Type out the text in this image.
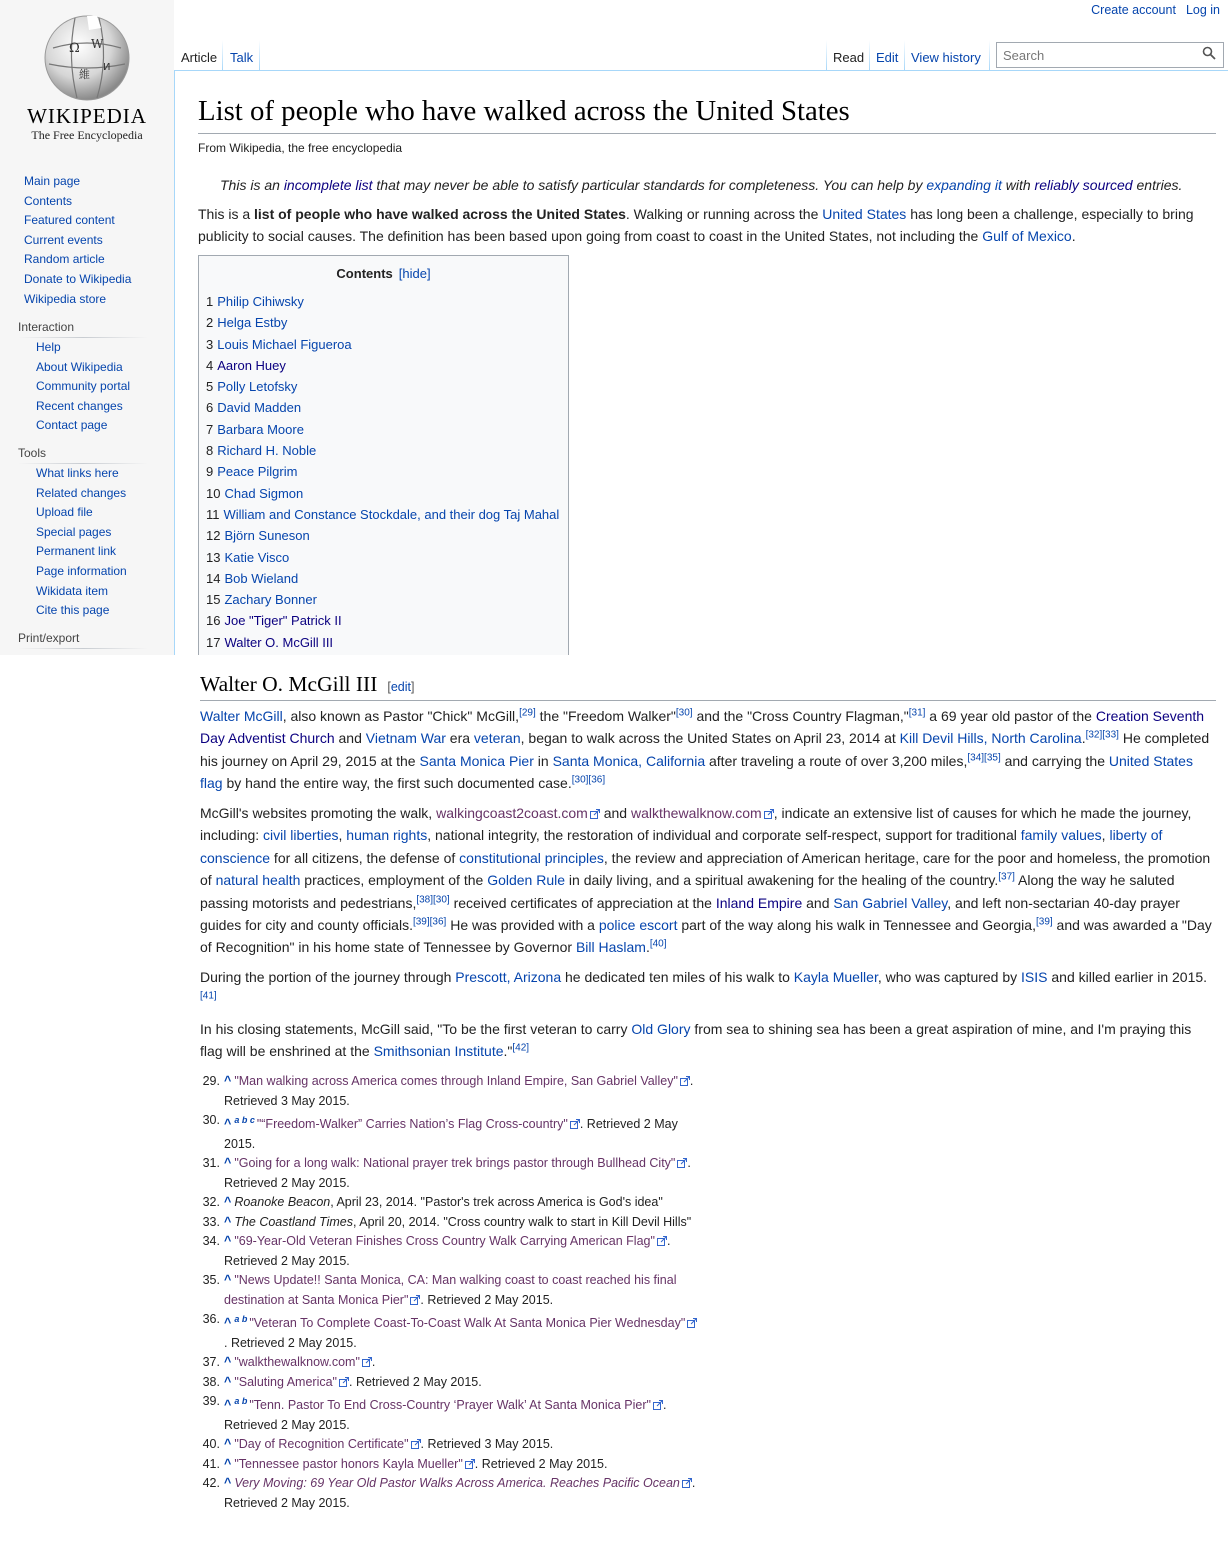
Ω W
維
И
WIKIPEDIA
The Free Encyclopedia
Main page
Contents
Featured content
Current events
Random article
Donate to Wikipedia
Wikipedia store
Interaction
Help
About Wikipedia
Community portal
Recent changes
Contact page
Tools
What links here
Related changes
Upload file
Special pages
Permanent link
Page information
Wikidata item
Cite this page
Print/export
Create account Log in
Article Talk	Read Edit View history	Search
List of people who have walked across the United States
From Wikipedia, the free encyclopedia
This is an incomplete list that may never be able to satisfy particular standards for completeness. You can help by expanding it with reliably sourced entries.
This is a list of people who have walked across the United States. Walking or running across the United States has long been a challenge, especially to bring publicity to social causes. The definition has been based upon going from coast to coast in the United States, not including the Gulf of Mexico.
Contents [hide]
1 Philip Cihiwsky
2 Helga Estby
3 Louis Michael Figueroa
4 Aaron Huey
5 Polly Letofsky
6 David Madden
7 Barbara Moore
8 Richard H. Noble
9 Peace Pilgrim
10 Chad Sigmon
11 William and Constance Stockdale, and their dog Taj Mahal
12 Björn Suneson
13 Katie Visco
14 Bob Wieland
15 Zachary Bonner
16 Joe "Tiger" Patrick II
17 Walter O. McGill III
Walter O. McGill III [edit]
Walter McGill, also known as Pastor "Chick" McGill,[29] the "Freedom Walker"[30] and the "Cross Country Flagman,"[31] a 69 year old pastor of the Creation Seventh Day Adventist Church and Vietnam War era veteran, began to walk across the United States on April 23, 2014 at Kill Devil Hills, North Carolina.[32][33] He completed his journey on April 29, 2015 at the Santa Monica Pier in Santa Monica, California after traveling a route of over 3,200 miles,[34][35] and carrying the United States flag by hand the entire way, the first such documented case.[30][36]
McGill's websites promoting the walk, walkingcoast2coast.com and walkthewalknow.com , indicate an extensive list of causes for which he made the journey, including: civil liberties, human rights, national integrity, the restoration of individual and corporate self-respect, support for traditional family values, liberty of conscience for all citizens, the defense of constitutional principles, the review and appreciation of American heritage, care for the poor and homeless, the promotion of natural health practices, employment of the Golden Rule in daily living, and a spiritual awakening for the healing of the country.[37] Along the way he saluted passing motorists and pedestrians,[38][30] received certificates of appreciation at the Inland Empire and San Gabriel Valley, and left non-sectarian 40-day prayer guides for city and county officials.[39][36] He was provided with a police escort part of the way along his walk in Tennessee and Georgia,[39] and was awarded a "Day of Recognition" in his home state of Tennessee by Governor Bill Haslam.[40]
During the portion of the journey through Prescott, Arizona he dedicated ten miles of his walk to Kayla Mueller, who was captured by ISIS and killed earlier in 2015.[41]
In his closing statements, McGill said, "To be the first veteran to carry Old Glory from sea to shining sea has been a great aspiration of mine, and I'm praying this flag will be enshrined at the Smithsonian Institute."[42]
29. ^ "Man walking across America comes through Inland Empire, San Gabriel Valley" . Retrieved 3 May 2015.
30. ^ $^{a b c}$ "“Freedom-Walker” Carries Nation’s Flag Cross-country" . Retrieved 2 May 2015.
31. ^ "Going for a long walk: National prayer trek brings pastor through Bullhead City" . Retrieved 2 May 2015.
32. ^ Roanoke Beacon, April 23, 2014. "Pastor's trek across America is God's idea"
33. ^ The Coastland Times, April 20, 2014. "Cross country walk to start in Kill Devil Hills"
34. ^ "69-Year-Old Veteran Finishes Cross Country Walk Carrying American Flag" . Retrieved 2 May 2015.
35. ^ "News Update!! Santa Monica, CA: Man walking coast to coast reached his final destination at Santa Monica Pier" . Retrieved 2 May 2015.
36. ^ $^{a b}$ "Veteran To Complete Coast-To-Coast Walk At Santa Monica Pier Wednesday". Retrieved 2 May 2015.
37. ^ "walkthewalknow.com" .
38. ^ "Saluting America" . Retrieved 2 May 2015.
39. ^ $^{a b}$ "Tenn. Pastor To End Cross-Country ‘Prayer Walk’ At Santa Monica Pier" . Retrieved 2 May 2015.
40. ^ "Day of Recognition Certificate" . Retrieved 3 May 2015.
41. ^ "Tennessee pastor honors Kayla Mueller" . Retrieved 2 May 2015.
42. ^ Very Moving: 69 Year Old Pastor Walks Across America. Reaches Pacific Ocean . Retrieved 2 May 2015.
